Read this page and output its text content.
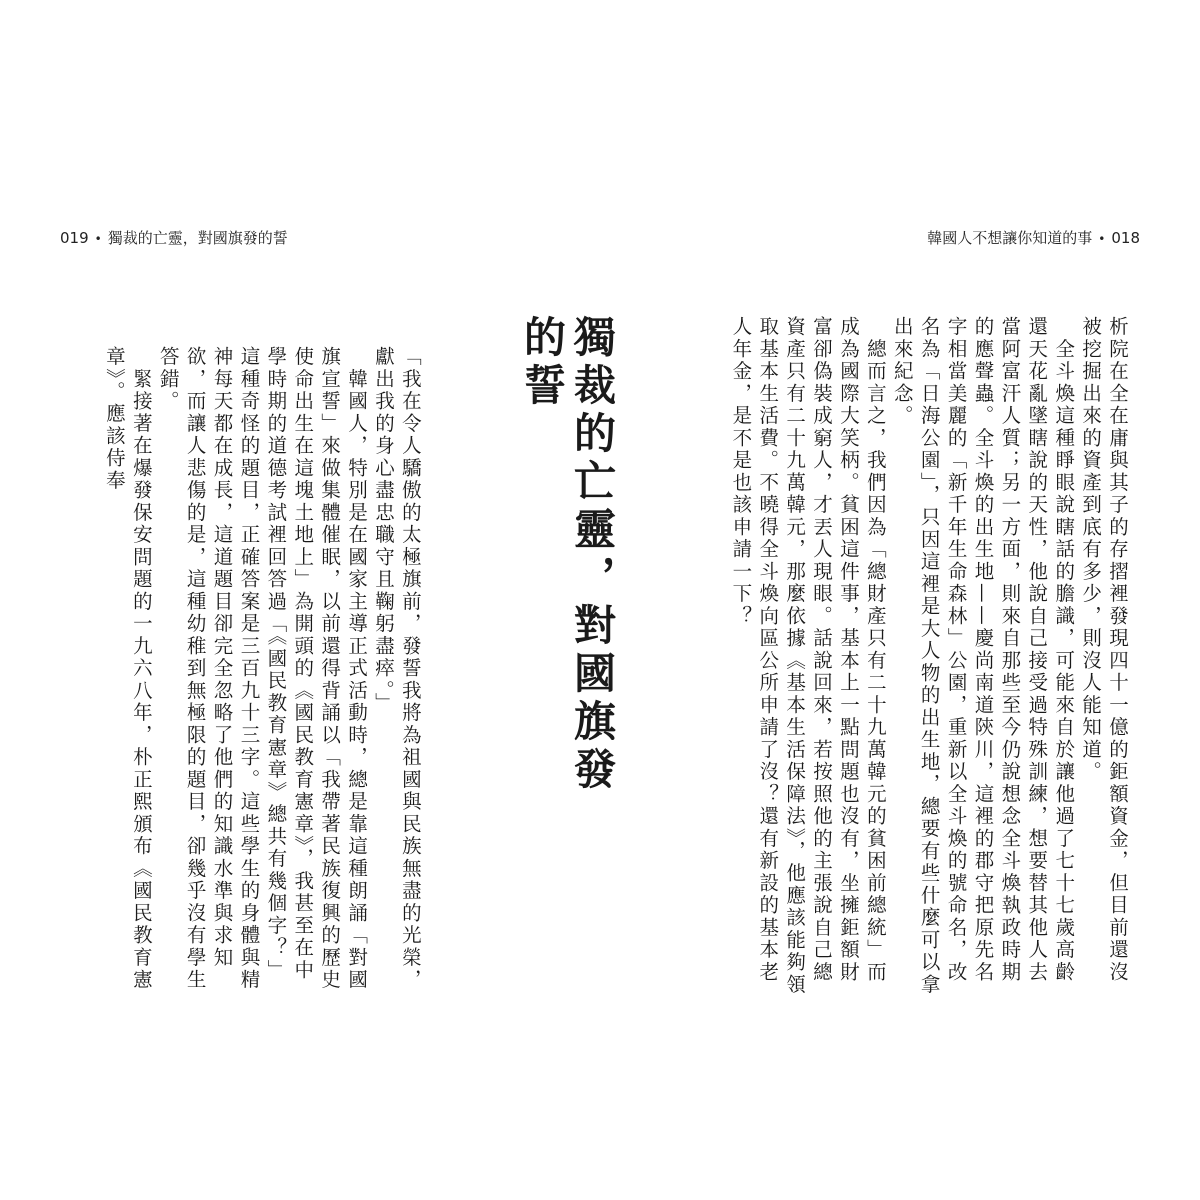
019 • 獨裁的亡靈，對國旗發的誓	韓國人不想讓你知道的事 • 018
析院在全在庸與其子的存摺裡發現四十一億的鉅額資金，但目前還沒被挖掘出來的資產到底有多少，則沒人能知道。
　全斗煥這種睜眼說瞎話的膽識，可能來自於讓他過了七十七歲高齡還天花亂墜瞎說的天性，他說自己接受過特殊訓練，想要替其他人去當阿富汗人質；另一方面，則來自那些至今仍說想念全斗煥執政時期的應聲蟲。全斗煥的出生地——慶尚南道陝川，這裡的郡守把原先名字相當美麗的「新千年生命森林」公園，重新以全斗煥的號命名，改名為「日海公園」，只因這裡是大人物的出生地，總要有些什麼可以拿出來紀念。
　總而言之，我們因為「總財產只有二十九萬韓元的貧困前總統」而成為國際大笑柄。貧困這件事，基本上一點問題也沒有，坐擁鉅額財富卻偽裝成窮人，才丟人現眼。話說回來，若按照他的主張說自己總資產只有二十九萬韓元，那麼依據《基本生活保障法》，他應該能夠領取基本生活費。不曉得全斗煥向區公所申請了沒？還有新設的基本老人年金，是不是也該申請一下？
獨裁的亡靈，對國旗發的誓
「我在令人驕傲的太極旗前，發誓我將為祖國與民族無盡的光榮，獻出我的身心盡忠職守且鞠躬盡瘁。」
　韓國人，特別是在國家主導正式活動時，總是靠這種朗誦「對國旗宣誓」來做集體催眠，以前還得背誦以「我帶著民族復興的歷史使命出生在這塊土地上」為開頭的《國民教育憲章》，我甚至在中學時期的道德考試裡回答過「《國民教育憲章》總共有幾個字？」這種奇怪的題目，正確答案是三百九十三字。這些學生的身體與精神每天都在成長，這道題目卻完全忽略了他們的知識水準與求知欲，而讓人悲傷的是，這種幼稚到無極限的題目，卻幾乎沒有學生答錯。
　緊接著在爆發保安問題的一九六八年，朴正熙頒布《國民教育憲章》。應該侍奉
